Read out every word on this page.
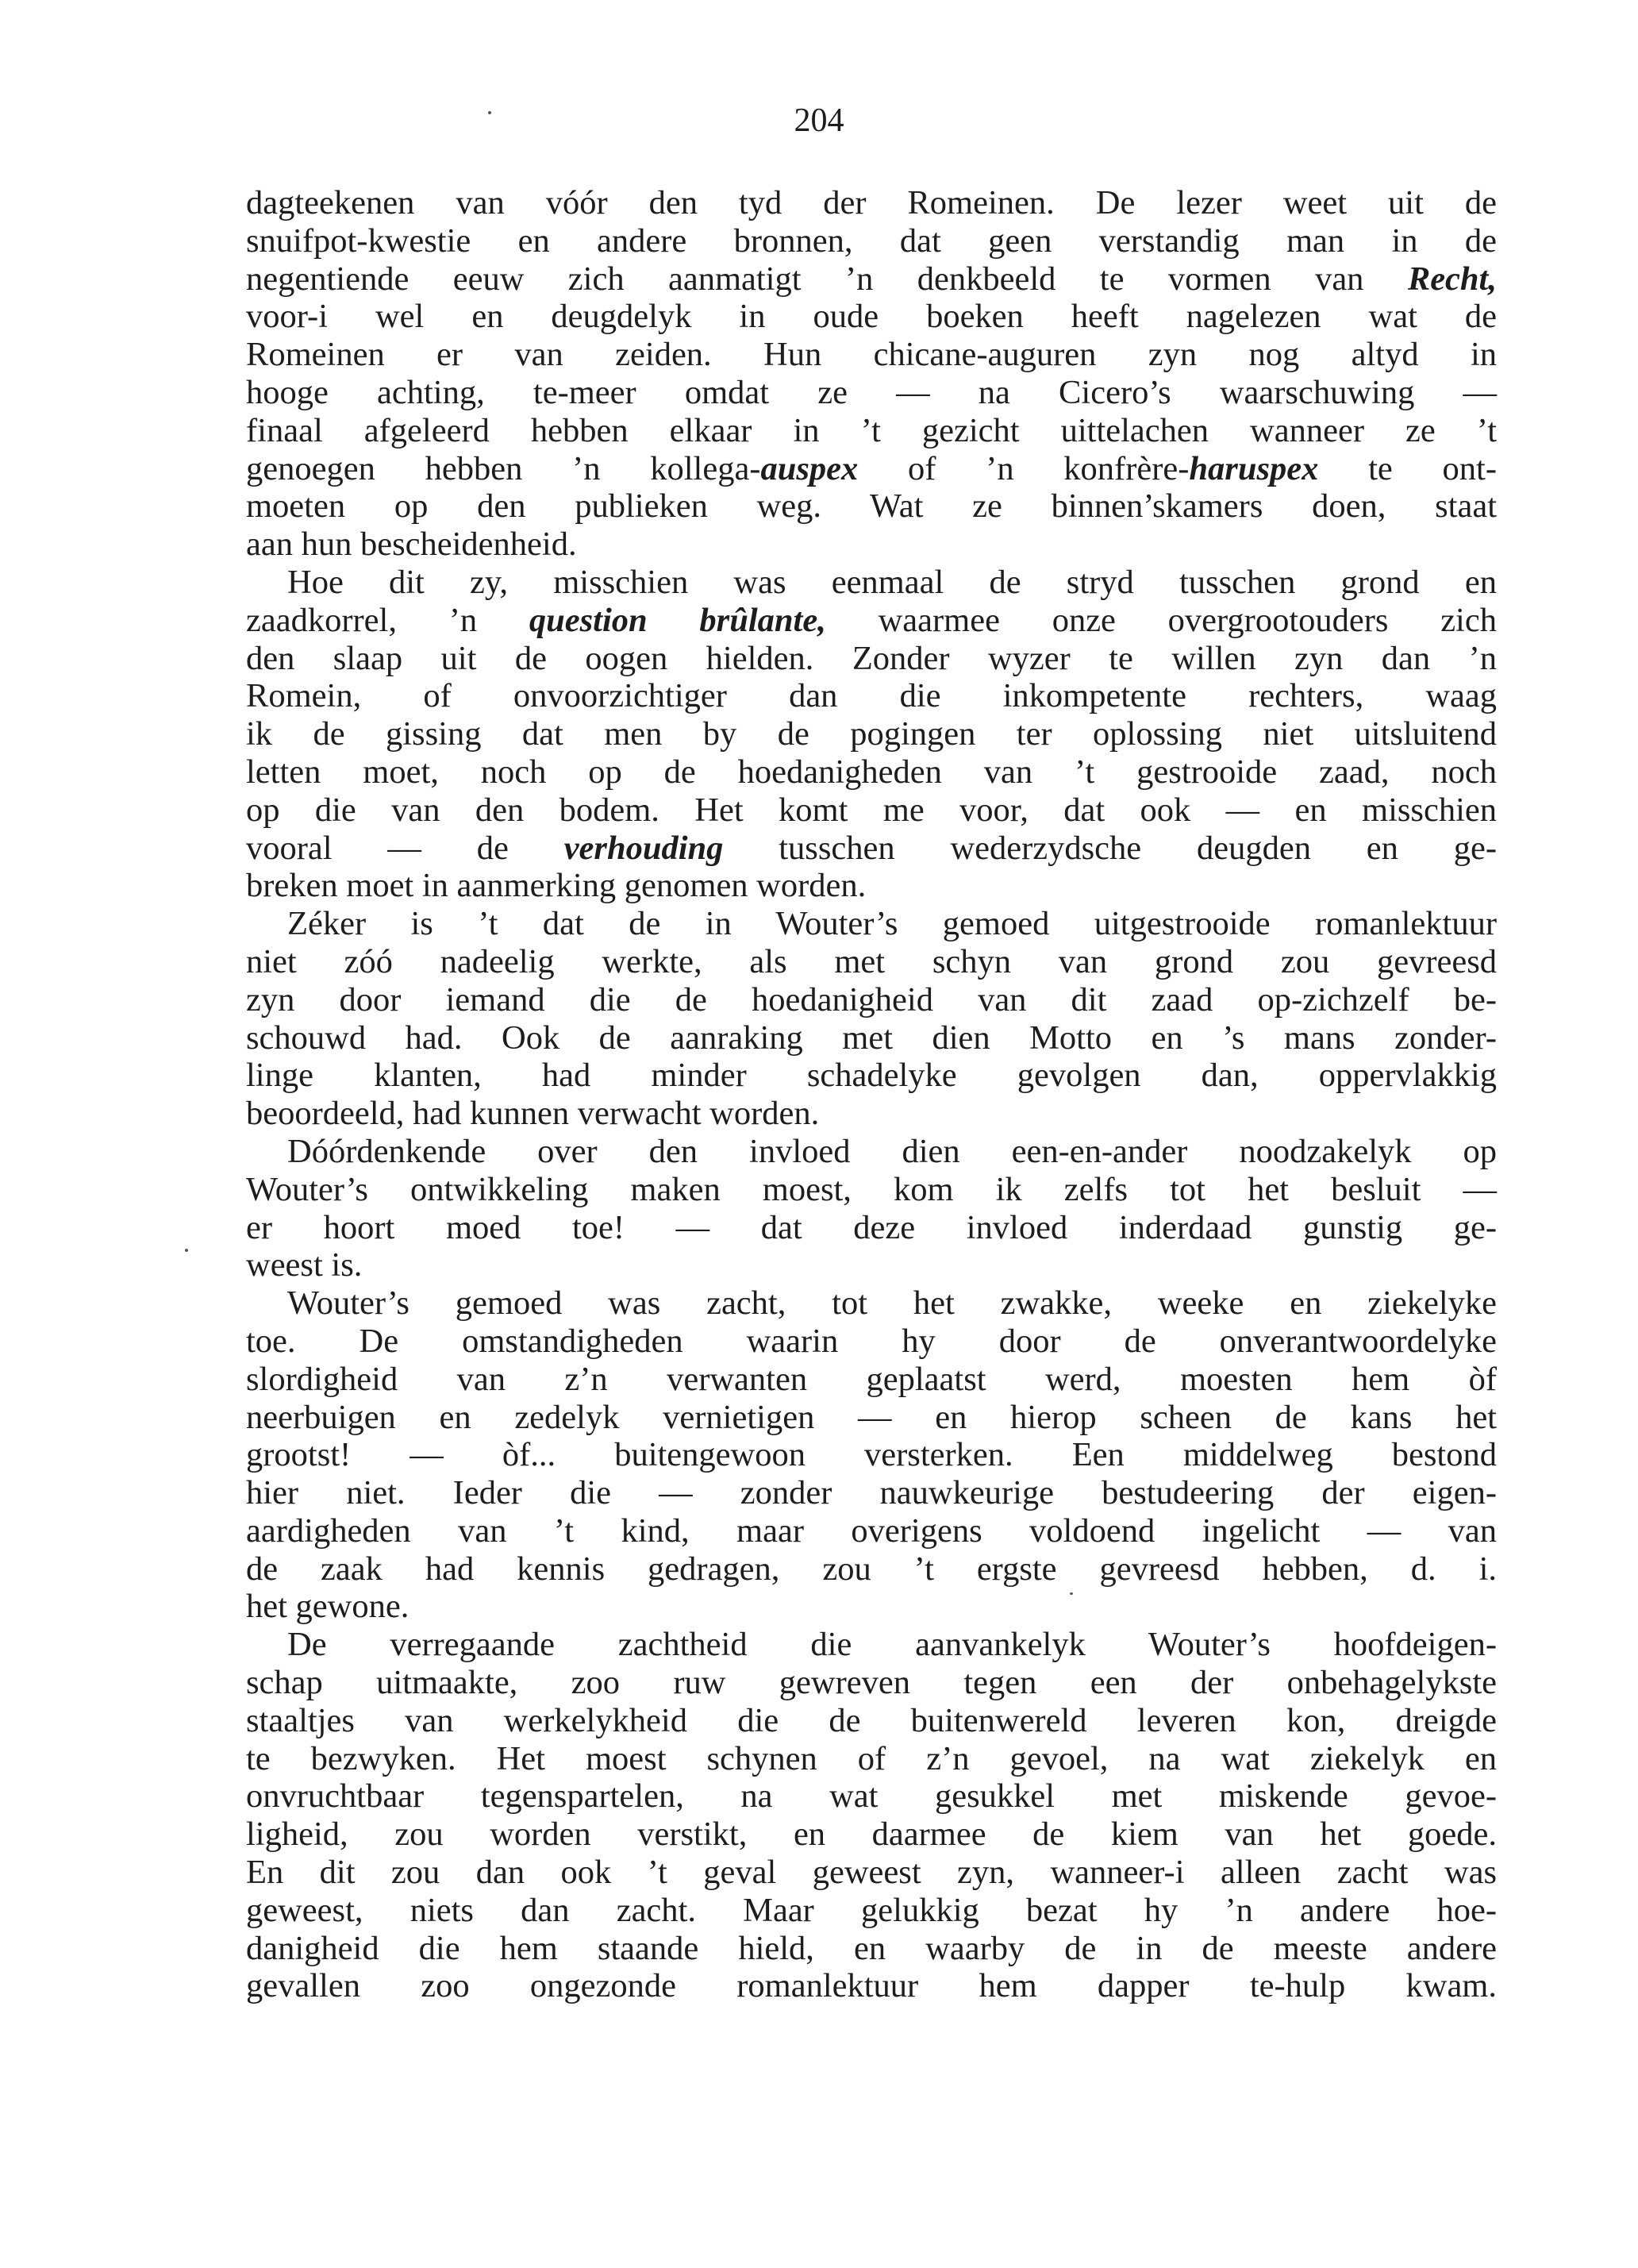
204
dagteekenen van vóór den tyd der Romeinen. De lezer weet uit de
snuifpot-kwestie en andere bronnen, dat geen verstandig man in de
negentiende eeuw zich aanmatigt ’n denkbeeld te vormen van Recht,
voor-i wel en deugdelyk in oude boeken heeft nagelezen wat de
Romeinen er van zeiden. Hun chicane-auguren zyn nog altyd in
hooge achting, te-meer omdat ze — na Cicero’s waarschuwing —
finaal afgeleerd hebben elkaar in ’t gezicht uittelachen wanneer ze ’t
genoegen hebben ’n kollega-auspex of ’n konfrère-haruspex te ont-
moeten op den publieken weg. Wat ze binnen’skamers doen, staat
aan hun bescheidenheid.
Hoe dit zy, misschien was eenmaal de stryd tusschen grond en
zaadkorrel, ’n question brûlante, waarmee onze overgrootouders zich
den slaap uit de oogen hielden. Zonder wyzer te willen zyn dan ’n
Romein, of onvoorzichtiger dan die inkompetente rechters, waag
ik de gissing dat men by de pogingen ter oplossing niet uitsluitend
letten moet, noch op de hoedanigheden van ’t gestrooide zaad, noch
op die van den bodem. Het komt me voor, dat ook — en misschien
vooral — de verhouding tusschen wederzydsche deugden en ge-
breken moet in aanmerking genomen worden.
Zéker is ’t dat de in Wouter’s gemoed uitgestrooide romanlektuur
niet zóó nadeelig werkte, als met schyn van grond zou gevreesd
zyn door iemand die de hoedanigheid van dit zaad op-zichzelf be-
schouwd had. Ook de aanraking met dien Motto en ’s mans zonder-
linge klanten, had minder schadelyke gevolgen dan, oppervlakkig
beoordeeld, had kunnen verwacht worden.
Dóórdenkende over den invloed dien een-en-ander noodzakelyk op
Wouter’s ontwikkeling maken moest, kom ik zelfs tot het besluit —
er hoort moed toe! — dat deze invloed inderdaad gunstig ge-
weest is.
Wouter’s gemoed was zacht, tot het zwakke, weeke en ziekelyke
toe. De omstandigheden waarin hy door de onverantwoordelyke
slordigheid van z’n verwanten geplaatst werd, moesten hem òf
neerbuigen en zedelyk vernietigen — en hierop scheen de kans het
grootst! — òf... buitengewoon versterken. Een middelweg bestond
hier niet. Ieder die — zonder nauwkeurige bestudeering der eigen-
aardigheden van ’t kind, maar overigens voldoend ingelicht — van
de zaak had kennis gedragen, zou ’t ergste gevreesd hebben, d. i.
het gewone.
De verregaande zachtheid die aanvankelyk Wouter’s hoofdeigen-
schap uitmaakte, zoo ruw gewreven tegen een der onbehagelykste
staaltjes van werkelykheid die de buitenwereld leveren kon, dreigde
te bezwyken. Het moest schynen of z’n gevoel, na wat ziekelyk en
onvruchtbaar tegenspartelen, na wat gesukkel met miskende gevoe-
ligheid, zou worden verstikt, en daarmee de kiem van het goede.
En dit zou dan ook ’t geval geweest zyn, wanneer-i alleen zacht was
geweest, niets dan zacht. Maar gelukkig bezat hy ’n andere hoe-
danigheid die hem staande hield, en waarby de in de meeste andere
gevallen zoo ongezonde romanlektuur hem dapper te-hulp kwam.
